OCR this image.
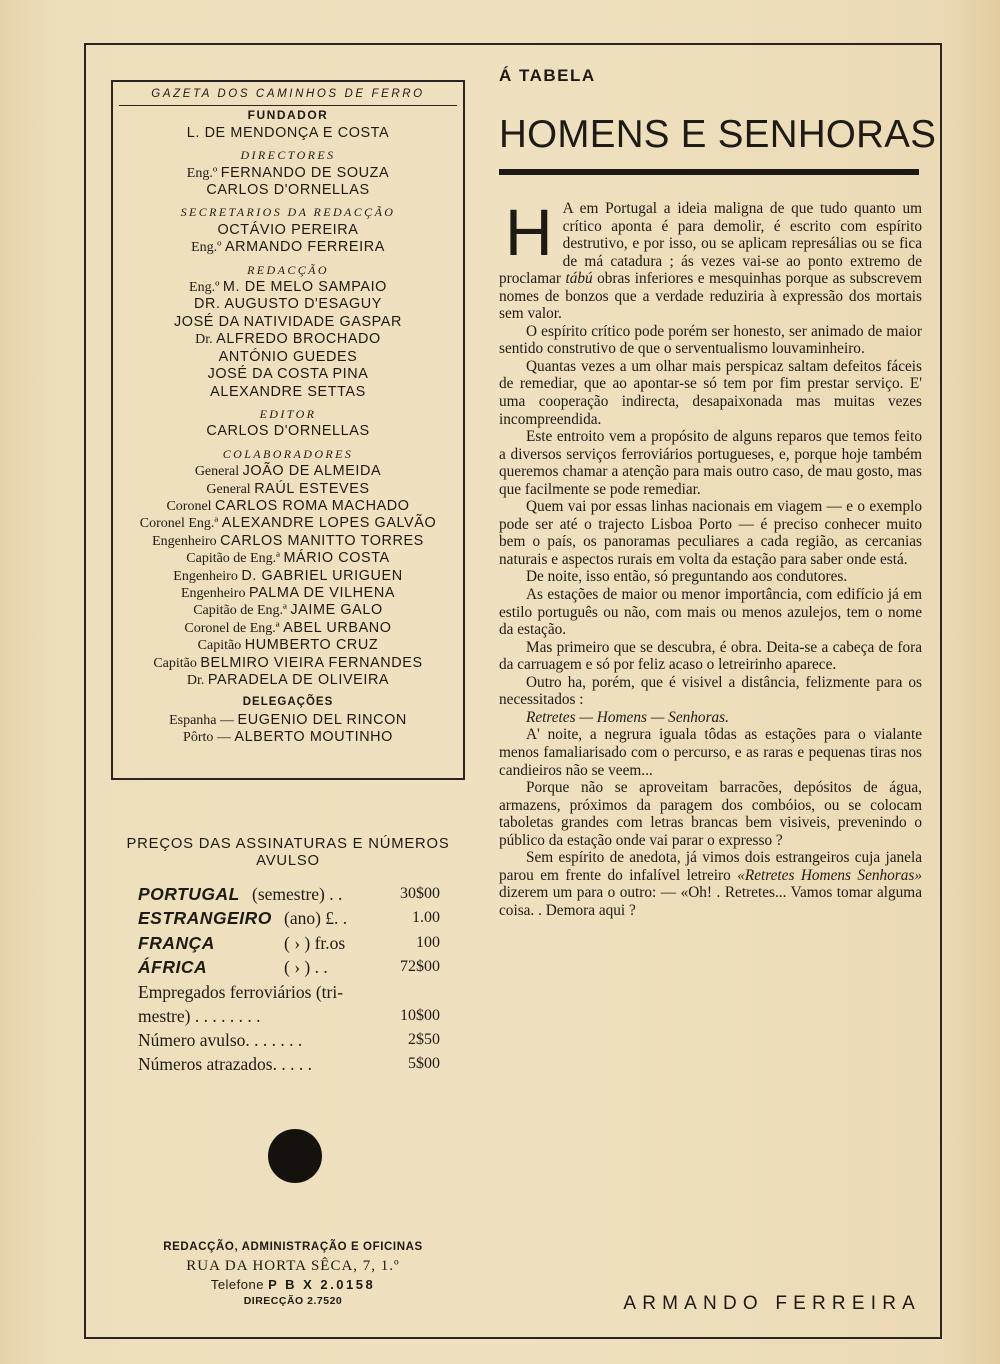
GAZETA DOS CAMINHOS DE FERRO
FUNDADOR
L. DE MENDONÇA E COSTA
DIRECTORES
Eng.º FERNANDO DE SOUZA
CARLOS D'ORNELLAS
SECRETARIOS DA REDACÇÃO
OCTÁVIO PEREIRA
Eng.º ARMANDO FERREIRA
REDACÇÃO
Eng.º M. DE MELO SAMPAIO
DR. AUGUSTO D'ESAGUY
JOSÉ DA NATIVIDADE GASPAR
Dr. ALFREDO BROCHADO
ANTÓNIO GUEDES
JOSÉ DA COSTA PINA
ALEXANDRE SETTAS
EDITOR
CARLOS D'ORNELLAS
COLABORADORES
General JOÃO DE ALMEIDA
General RAÚL ESTEVES
Coronel CARLOS ROMA MACHADO
Coronel Eng.ª ALEXANDRE LOPES GALVÃO
Engenheiro CARLOS MANITTO TORRES
Capitão de Eng.ª MÁRIO COSTA
Engenheiro D. GABRIEL URIGUEN
Engenheiro PALMA DE VILHENA
Capitão de Eng.ª JAIME GALO
Coronel de Eng.ª ABEL URBANO
Capitão HUMBERTO CRUZ
Capitão BELMIRO VIEIRA FERNANDES
Dr. PARADELA DE OLIVEIRA
DELEGAÇÕES
Espanha — EUGENIO DEL RINCON
Pôrto — ALBERTO MOUTINHO
PREÇOS DAS ASSINATURAS E NÚMEROS
AVULSO
PORTUGAL (semestre) . .	30$00
ESTRANGEIRO (ano) £. .	1.00
FRANÇA	( › ) fr.os	100
ÁFRICA	( › ) . .	72$00
Empregados ferroviários (tri-
mestre) . . . . . . . .	10$00
Número avulso. . . . . . .	2$50
Números atrazados. . . . .	5$00
REDACÇÃO, ADMINISTRAÇÃO E OFICINAS
RUA DA HORTA SÊCA, 7, 1.º
Telefone P B X 2.0158
DIRECÇÃO 2.7520
Á TABELA
HOMENS E SENHORAS

H A em Portugal a ideia maligna de que tudo quanto um crítico aponta é para demolir, é escrito com espírito destrutivo, e por isso, ou se aplicam represálias ou se fica de má catadura ; ás vezes vai-se ao ponto extremo de proclamar tábú obras inferiores e mesquinhas porque as subscrevem nomes de bonzos que a verdade reduziria à expressão dos mortais sem valor.

O espírito crítico pode porém ser honesto, ser animado de maior sentido construtivo de que o serventualismo louvaminheiro.

Quantas vezes a um olhar mais perspicaz saltam defeitos fáceis de remediar, que ao apontar-se só tem por fim prestar serviço. E' uma cooperação indirecta, desapaixonada mas muitas vezes incompreendida.

Este entroito vem a propósito de alguns reparos que temos feito a diversos serviços ferroviários portugueses, e, porque hoje também queremos chamar a atenção para mais outro caso, de mau gosto, mas que facilmente se pode remediar.

Quem vai por essas linhas nacionais em viagem — e o exemplo pode ser até o trajecto Lisboa Porto — é preciso conhecer muito bem o país, os panoramas peculiares a cada região, as cercanias naturais e aspectos rurais em volta da estação para saber onde está.

De noite, isso então, só preguntando aos condutores.

As estações de maior ou menor importância, com edifício já em estilo português ou não, com mais ou menos azulejos, tem o nome da estação.

Mas primeiro que se descubra, é obra. Deita-se a cabeça de fora da carruagem e só por feliz acaso o letreirinho aparece.

Outro ha, porém, que é visivel a distância, felizmente para os necessitados :

Retretes — Homens — Senhoras.

A' noite, a negrura iguala tôdas as estações para o vialante menos famaliarisado com o percurso, e as raras e pequenas tiras nos candieiros não se veem...

Porque não se aproveitam barracões, depósitos de água, armazens, próximos da paragem dos combóios, ou se colocam taboletas grandes com letras brancas bem visiveis, prevenindo o público da estação onde vai parar o expresso ?

Sem espírito de anedota, já vimos dois estrangeiros cuja janela parou em frente do infalível letreiro «Retretes Homens Senhoras» dizerem um para o outro: — «Oh! . Retretes... Vamos tomar alguma coisa. . Demora aqui ?

ARMANDO FERREIRA
